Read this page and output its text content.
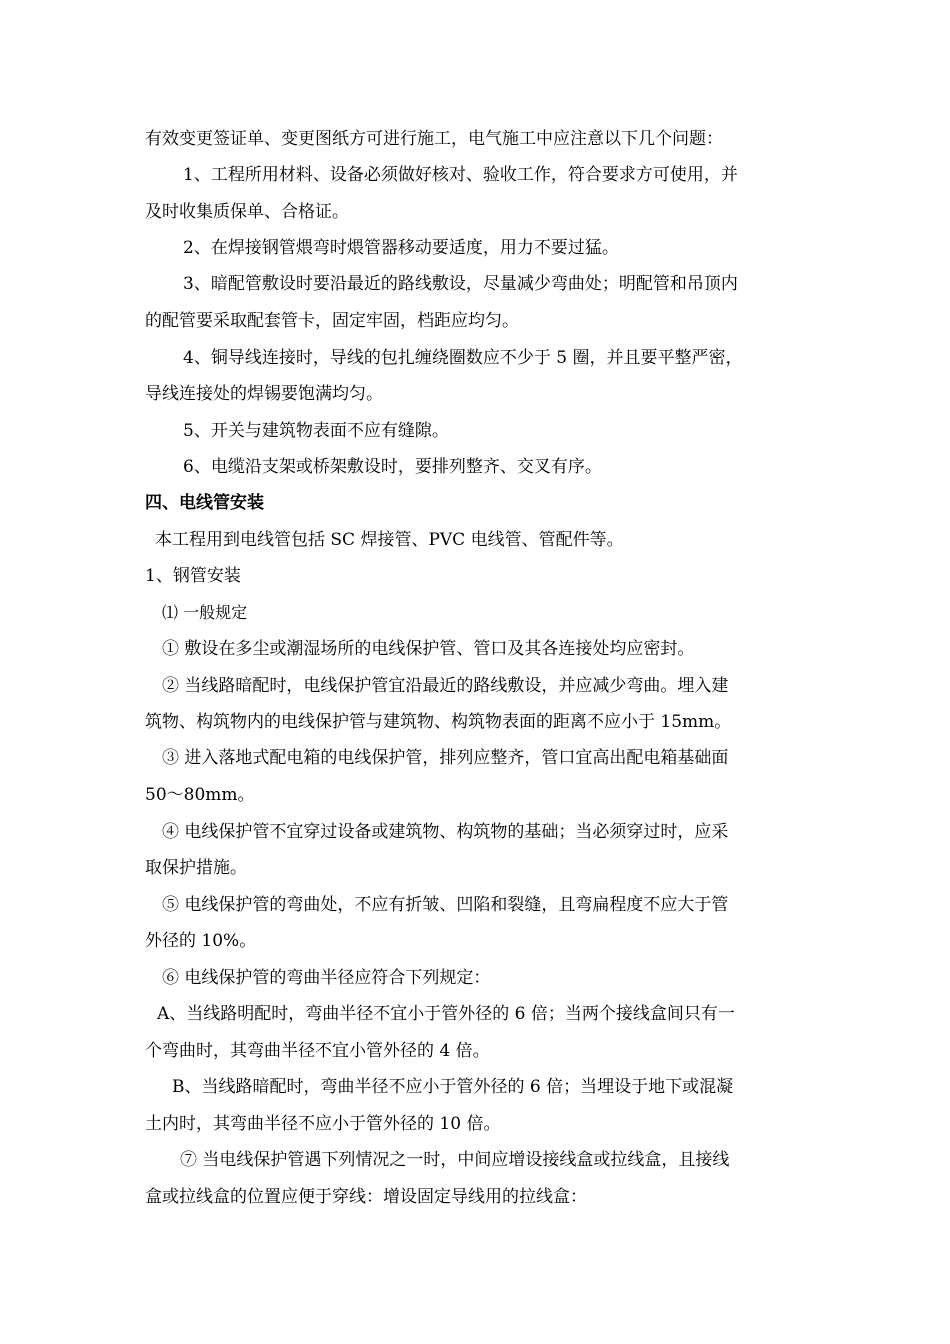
有效变更签证单、变更图纸方可进行施工，电气施工中应注意以下几个问题：
1、工程所用材料、设备必须做好核对、验收工作，符合要求方可使用，并
及时收集质保单、合格证。
2、在焊接钢管煨弯时煨管器移动要适度，用力不要过猛。
3、暗配管敷设时要沿最近的路线敷设，尽量减少弯曲处；明配管和吊顶内
的配管要采取配套管卡，固定牢固，档距应均匀。
4、铜导线连接时，导线的包扎缠绕圈数应不少于 5 圈，并且要平整严密，
导线连接处的焊锡要饱满均匀。
5、开关与建筑物表面不应有缝隙。
6、电缆沿支架或桥架敷设时，要排列整齐、交叉有序。
四、电线管安装
本工程用到电线管包括 SC 焊接管、PVC 电线管、管配件等。
1、钢管安装
⑴ 一般规定
① 敷设在多尘或潮湿场所的电线保护管、管口及其各连接处均应密封。
② 当线路暗配时，电线保护管宜沿最近的路线敷设，并应减少弯曲。埋入建
筑物、构筑物内的电线保护管与建筑物、构筑物表面的距离不应小于 15mm。
③ 进入落地式配电箱的电线保护管，排列应整齐，管口宜高出配电箱基础面
50～80mm。
④ 电线保护管不宜穿过设备或建筑物、构筑物的基础；当必须穿过时，应采
取保护措施。
⑤ 电线保护管的弯曲处，不应有折皱、凹陷和裂缝，且弯扁程度不应大于管
外径的 10%。
⑥ 电线保护管的弯曲半径应符合下列规定：
A、当线路明配时，弯曲半径不宜小于管外径的 6 倍；当两个接线盒间只有一
个弯曲时，其弯曲半径不宜小管外径的 4 倍。
B、当线路暗配时，弯曲半径不应小于管外径的 6 倍；当埋设于地下或混凝
土内时，其弯曲半径不应小于管外径的 10 倍。
⑦ 当电线保护管遇下列情况之一时，中间应增设接线盒或拉线盒，且接线
盒或拉线盒的位置应便于穿线：增设固定导线用的拉线盒：
